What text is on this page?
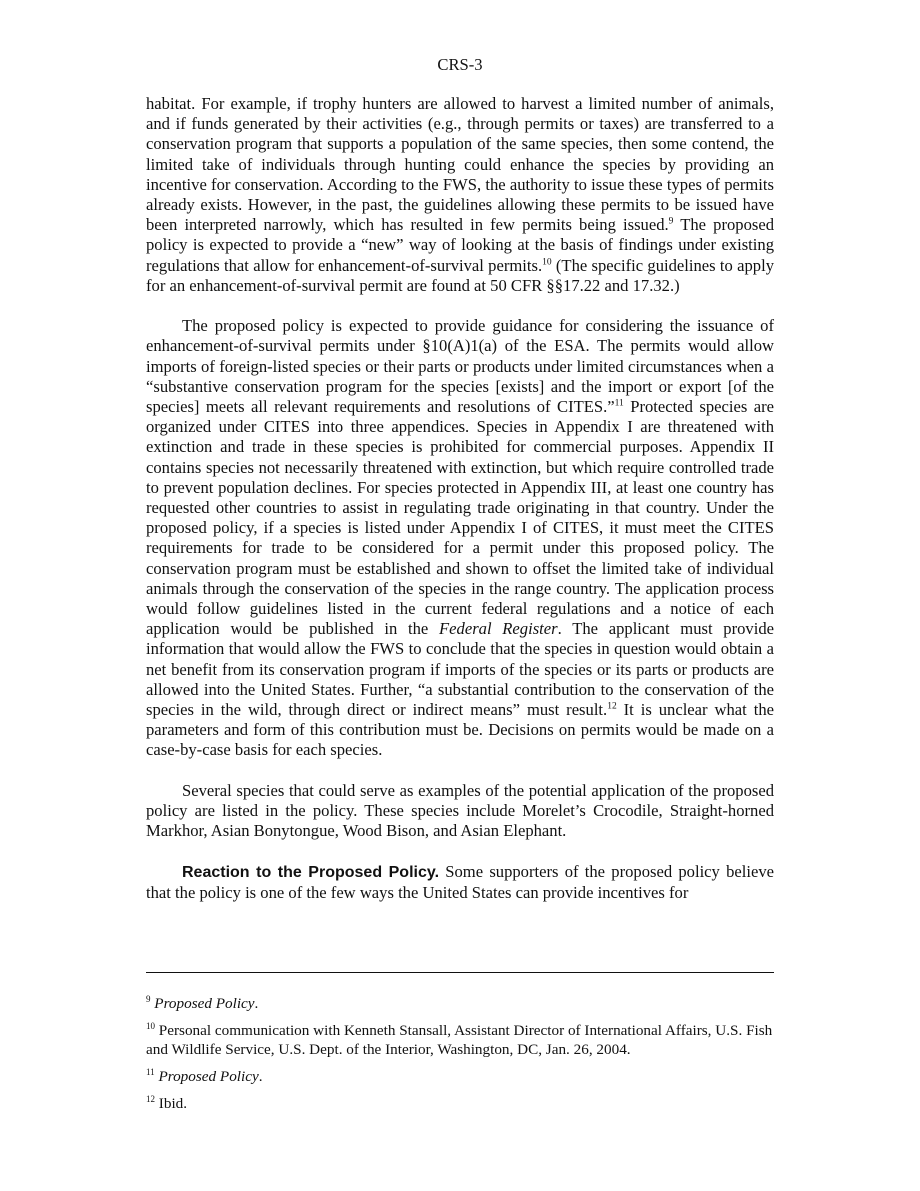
CRS-3

habitat. For example, if trophy hunters are allowed to harvest a limited number of animals, and if funds generated by their activities (e.g., through permits or taxes) are transferred to a conservation program that supports a population of the same species, then some contend, the limited take of individuals through hunting could enhance the species by providing an incentive for conservation. According to the FWS, the authority to issue these types of permits already exists. However, in the past, the guidelines allowing these permits to be issued have been interpreted narrowly, which has resulted in few permits being issued.$^9$ The proposed policy is expected to provide a “new” way of looking at the basis of findings under existing regulations that allow for enhancement-of-survival permits.$^{10}$ (The specific guidelines to apply for an enhancement-of-survival permit are found at 50 CFR §§17.22 and 17.32.)

The proposed policy is expected to provide guidance for considering the issuance of enhancement-of-survival permits under §10(A)1(a) of the ESA. The permits would allow imports of foreign-listed species or their parts or products under limited circumstances when a “substantive conservation program for the species [exists] and the import or export [of the species] meets all relevant requirements and resolutions of CITES.”$^{11}$ Protected species are organized under CITES into three appendices. Species in Appendix I are threatened with extinction and trade in these species is prohibited for commercial purposes. Appendix II contains species not necessarily threatened with extinction, but which require controlled trade to prevent population declines. For species protected in Appendix III, at least one country has requested other countries to assist in regulating trade originating in that country. Under the proposed policy, if a species is listed under Appendix I of CITES, it must meet the CITES requirements for trade to be considered for a permit under this proposed policy. The conservation program must be established and shown to offset the limited take of individual animals through the conservation of the species in the range country. The application process would follow guidelines listed in the current federal regulations and a notice of each application would be published in the Federal Register. The applicant must provide information that would allow the FWS to conclude that the species in question would obtain a net benefit from its conservation program if imports of the species or its parts or products are allowed into the United States. Further, “a substantial contribution to the conservation of the species in the wild, through direct or indirect means” must result.$^{12}$ It is unclear what the parameters and form of this contribution must be. Decisions on permits would be made on a case-by-case basis for each species.

Several species that could serve as examples of the potential application of the proposed policy are listed in the policy. These species include Morelet’s Crocodile, Straight-horned Markhor, Asian Bonytongue, Wood Bison, and Asian Elephant.

Reaction to the Proposed Policy. Some supporters of the proposed policy believe that the policy is one of the few ways the United States can provide incentives for

$^9$ Proposed Policy.

$^{10}$ Personal communication with Kenneth Stansall, Assistant Director of International Affairs, U.S. Fish and Wildlife Service, U.S. Dept. of the Interior, Washington, DC, Jan. 26, 2004.

$^{11}$ Proposed Policy.

$^{12}$ Ibid.
